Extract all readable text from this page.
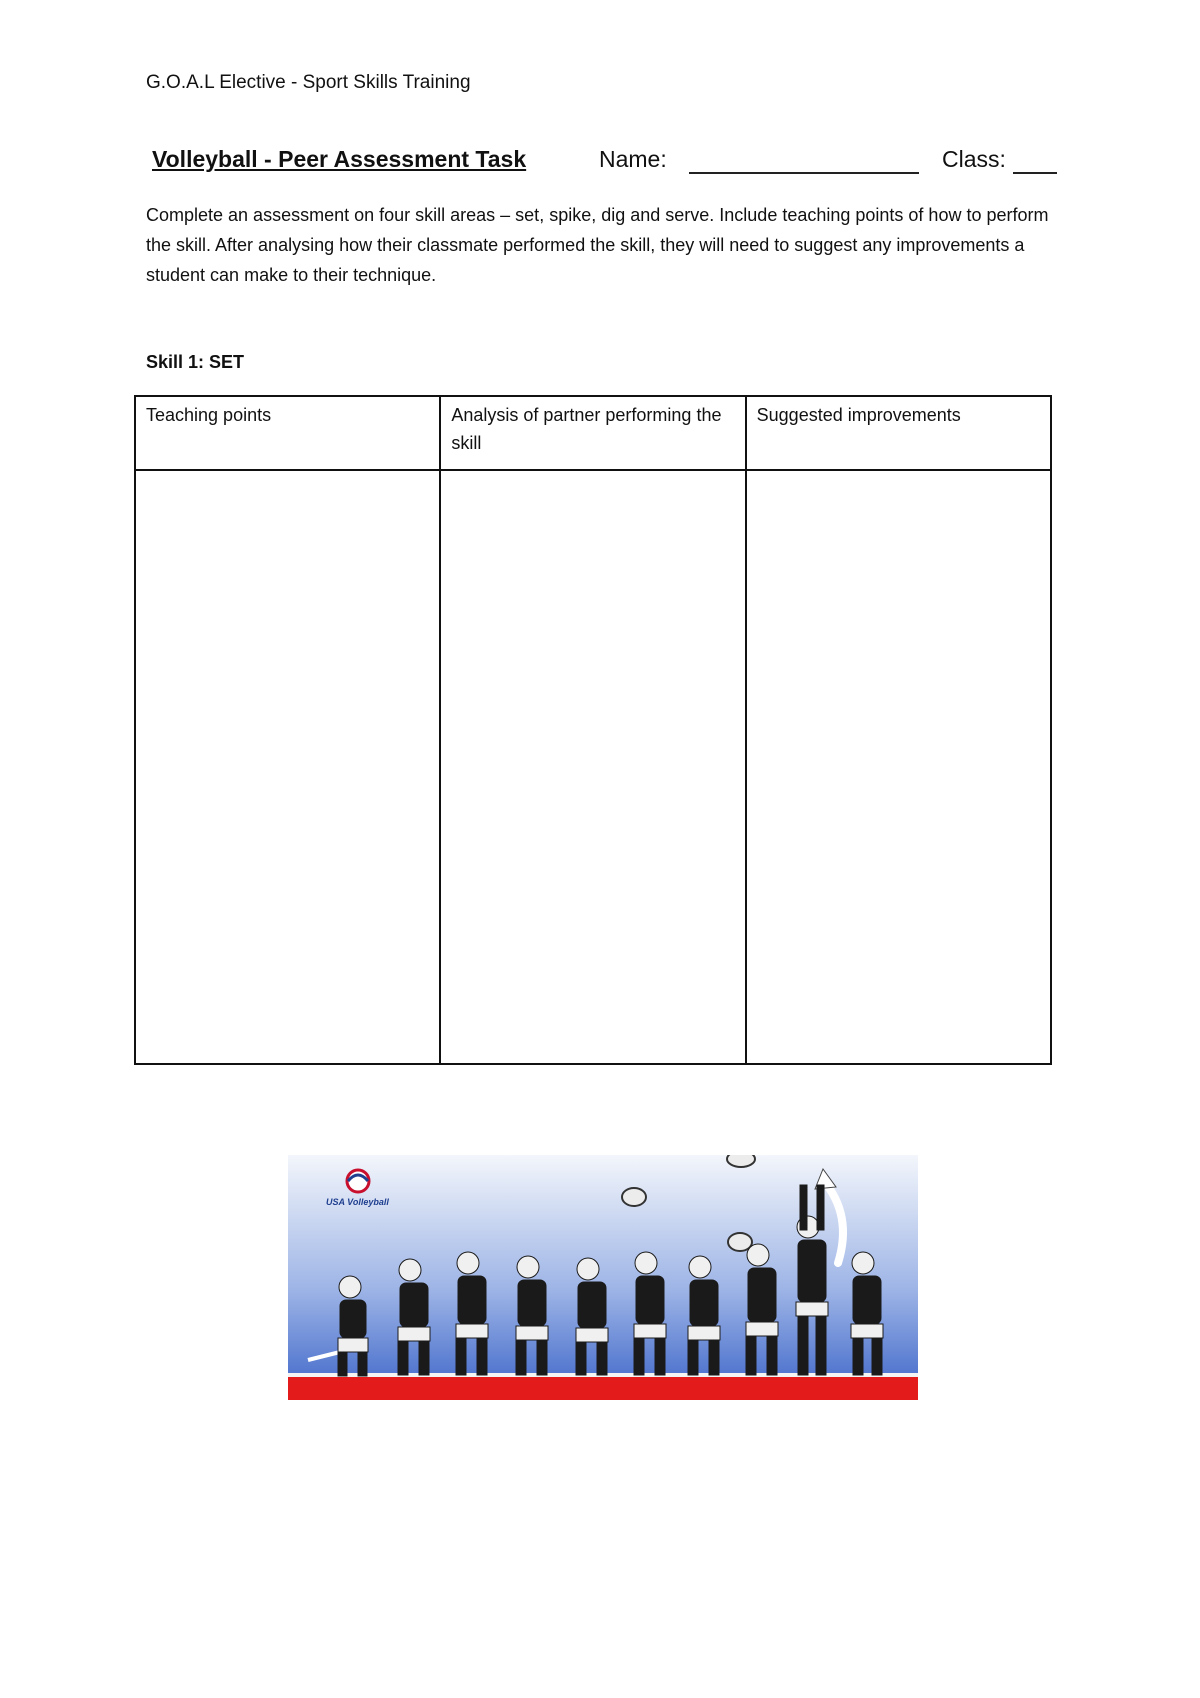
G.O.A.L Elective - Sport Skills Training
Volleyball - Peer Assessment Task	Name:	Class:
Complete an assessment on four skill areas – set, spike, dig and serve. Include teaching points of how to perform the skill. After analysing how their classmate performed the skill, they will need to suggest any improvements a student can make to their technique.
Skill 1: SET
Teaching points	Analysis of partner performing the skill	Suggested improvements

USA Volleyball
